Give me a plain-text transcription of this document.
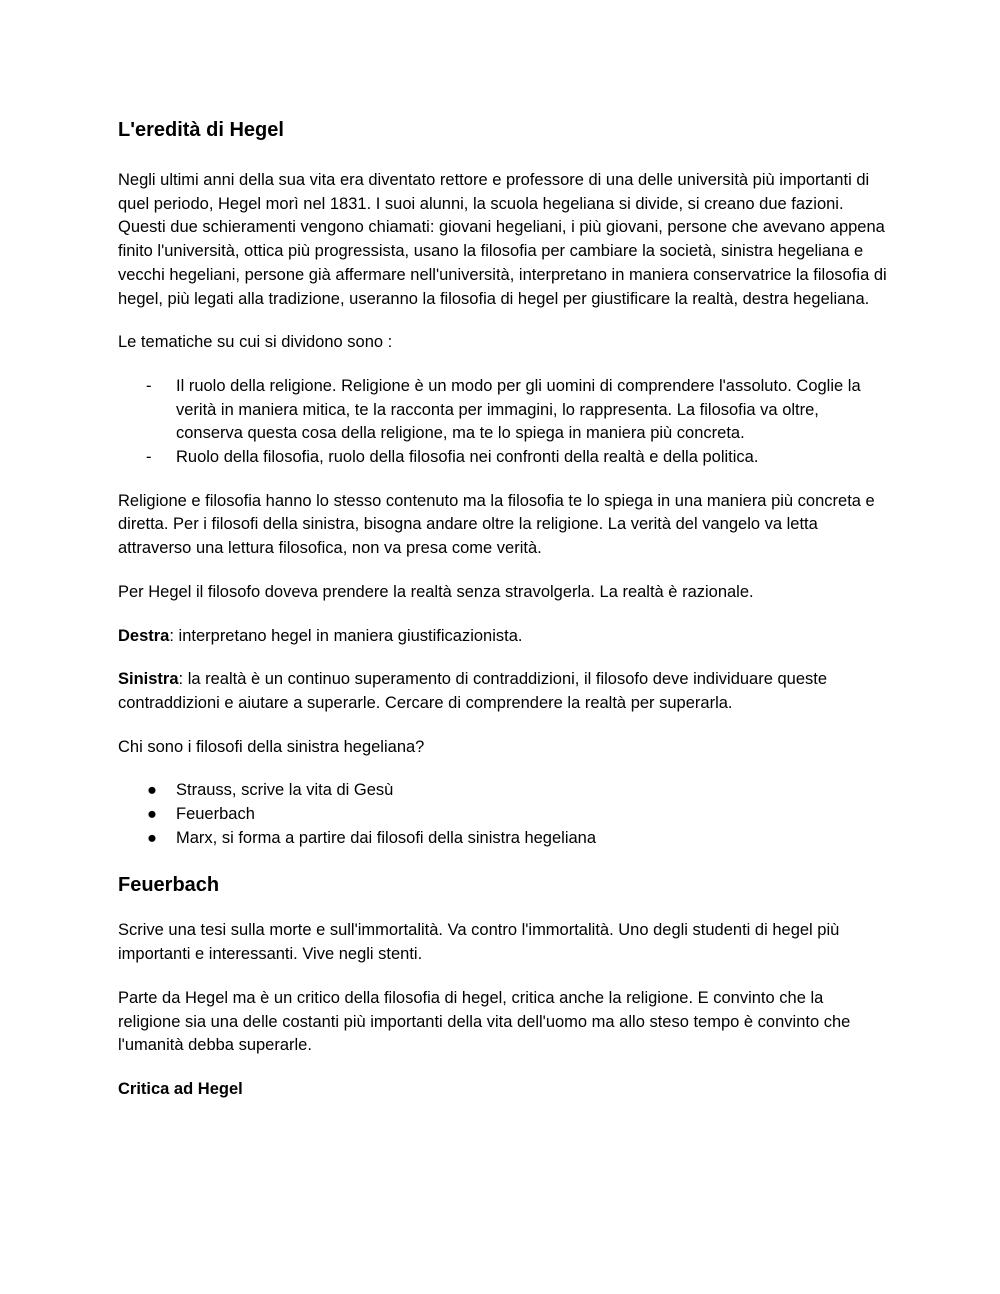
L'eredità di Hegel

Negli ultimi anni della sua vita era diventato rettore e professore di una delle università più importanti di quel periodo, Hegel morì nel 1831. I suoi alunni, la scuola hegeliana si divide, si creano due fazioni. Questi due schieramenti vengono chiamati: giovani hegeliani, i più giovani, persone che avevano appena finito l'università, ottica più progressista, usano la filosofia per cambiare la società, sinistra hegeliana e vecchi hegeliani, persone già affermare nell'università, interpretano in maniera conservatrice la filosofia di hegel, più legati alla tradizione, useranno la filosofia di hegel per giustificare la realtà, destra hegeliana.

Le tematiche su cui si dividono sono :

- Il ruolo della religione. Religione è un modo per gli uomini di comprendere l'assoluto. Coglie la verità in maniera mitica, te la racconta per immagini, lo rappresenta. La filosofia va oltre, conserva questa cosa della religione, ma te lo spiega in maniera più concreta.
- Ruolo della filosofia, ruolo della filosofia nei confronti della realtà e della politica.

Religione e filosofia hanno lo stesso contenuto ma la filosofia te lo spiega in una maniera più concreta e diretta. Per i filosofi della sinistra, bisogna andare oltre la religione. La verità del vangelo va letta attraverso una lettura filosofica, non va presa come verità.

Per Hegel il filosofo doveva prendere la realtà senza stravolgerla. La realtà è razionale.

Destra: interpretano hegel in maniera giustificazionista.

Sinistra: la realtà è un continuo superamento di contraddizioni, il filosofo deve individuare queste contraddizioni e aiutare a superarle. Cercare di comprendere la realtà per superarla.

Chi sono i filosofi della sinistra hegeliana?

● Strauss, scrive la vita di Gesù
● Feuerbach
● Marx, si forma a partire dai filosofi della sinistra hegeliana
Feuerbach

Scrive una tesi sulla morte e sull'immortalità. Va contro l'immortalità. Uno degli studenti di hegel più importanti e interessanti. Vive negli stenti.

Parte da Hegel ma è un critico della filosofia di hegel, critica anche la religione. E convinto che la religione sia una delle costanti più importanti della vita dell'uomo ma allo steso tempo è convinto che l'umanità debba superarle.

Critica ad Hegel
